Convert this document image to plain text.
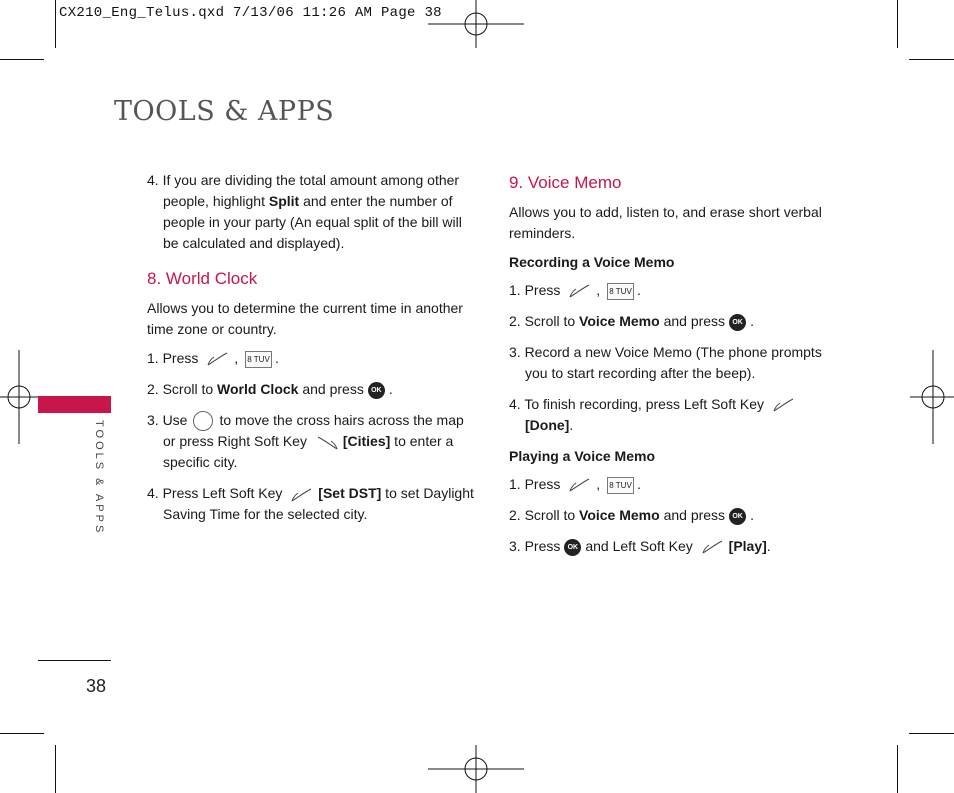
CX210_Eng_Telus.qxd 7/13/06 11:26 AM Page 38
TOOLS & APPS
TOOLS & APPS
38

4. If you are dividing the total amount among other people, highlight Split and enter the number of people in your party (An equal split of the bill will be calculated and displayed).

8. World Clock

Allows you to determine the current time in another time zone or country.

1. Press	, 8 TUV .

2. Scroll to World Clock and press OK .

3. Use to move the cross hairs across the map or press Right Soft Key	[Cities] to enter a specific city.

4. Press Left Soft Key	[Set DST] to set Daylight Saving Time for the selected city.

9. Voice Memo

Allows you to add, listen to, and erase short verbal reminders.

Recording a Voice Memo

1. Press	, 8 TUV .

2. Scroll to Voice Memo and press OK .

3. Record a new Voice Memo (The phone prompts you to start recording after the beep).

4. To finish recording, press Left Soft Key [Done].

Playing a Voice Memo

1. Press	, 8 TUV .

2. Scroll to Voice Memo and press OK .

3. Press OK and Left Soft Key	[Play].
